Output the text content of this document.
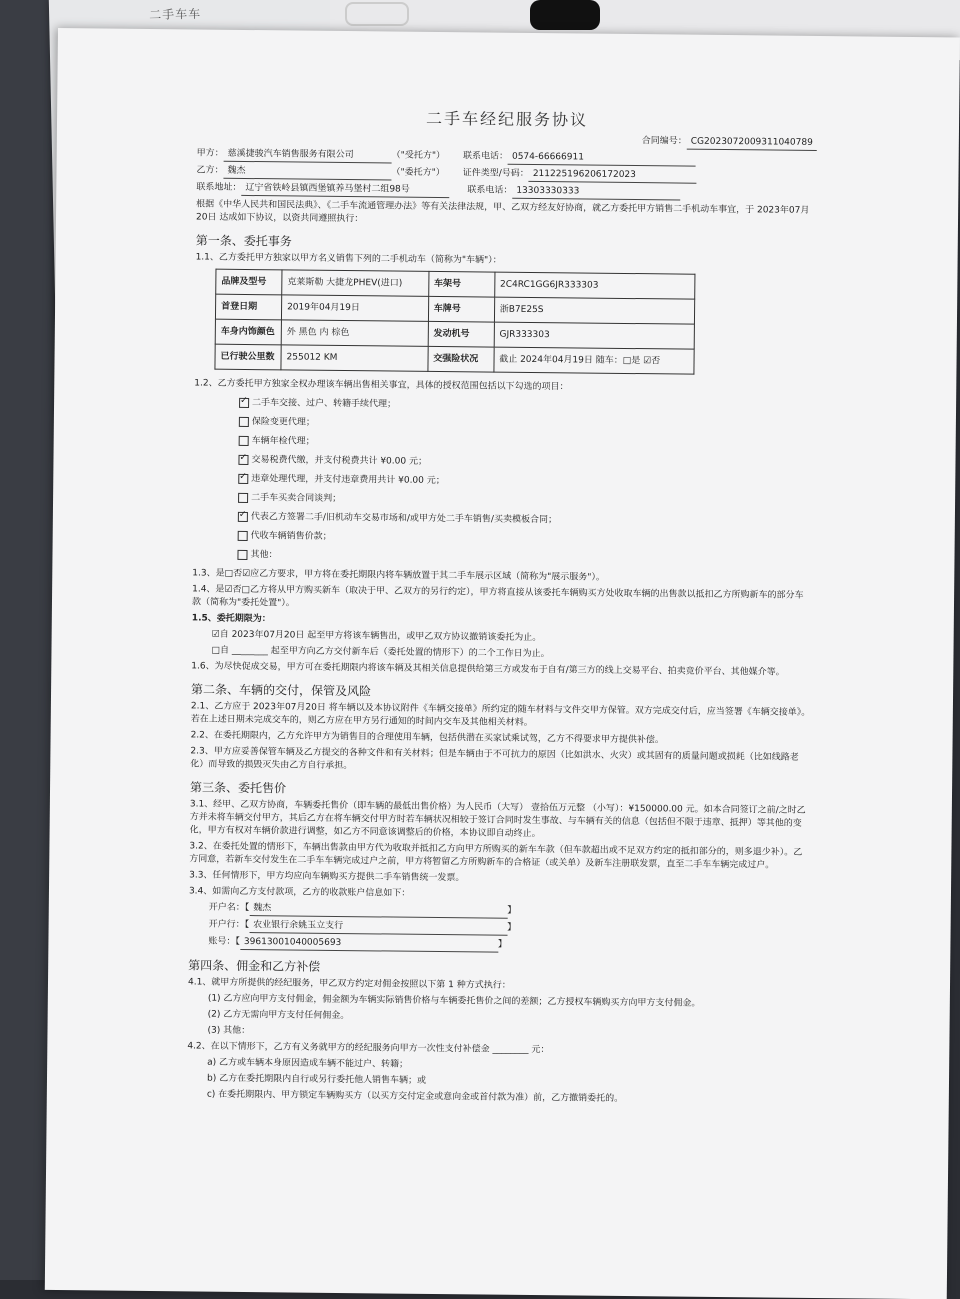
二手车车
二手车经纪服务协议
合同编号： CG2023072009311040789
甲方： 慈溪捷骏汽车销售服务有限公司	（"受托方"） 联系电话： 0574-66666911
乙方： 魏杰	（"委托方"） 证件类型/号码： 211225196206172023
联系地址： 辽宁省铁岭县镇西堡镇养马堡村二组98号	联系电话： 13303330333
根据《中华人民共和国民法典》、《二手车流通管理办法》等有关法律法规，甲、乙双方经友好协商，就乙方委托甲方销售二手机动车事宜，于 2023年07月20日 达成如下协议，以资共同遵照执行：
第一条、委托事务
1.1、乙方委托甲方独家以甲方名义销售下列的二手机动车（简称为"车辆"）：
品牌及型号	克莱斯勒 大捷龙PHEV(进口)	车架号	2C4RC1GG6JR333303
首登日期	2019年04月19日	车牌号	浙B7E25S
车身内饰颜色	外 黑色 内 棕色	发动机号	GJR333303
已行驶公里数	255012 KM	交强险状况	截止 2024年04月19日 随车：□是 ☑否
1.2、乙方委托甲方独家全权办理该车辆出售相关事宜，具体的授权范围包括以下勾选的项目：
✓二手车交接、过户、转籍手续代理；
保险变更代理；
车辆年检代理；
✓交易税费代缴，并支付税费共计 ¥0.00 元；
✓违章处理代理，并支付违章费用共计 ¥0.00 元；
二手车买卖合同谈判；
✓代表乙方签署二手/旧机动车交易市场和/或甲方处二手车销售/买卖模板合同；
代收车辆销售价款；
其他：
1.3、是□否☑应乙方要求，甲方将在委托期限内将车辆放置于其二手车展示区域（简称为"展示服务"）。
1.4、是☑否□乙方将从甲方购买新车（取决于甲、乙双方的另行约定），甲方将直接从该委托车辆购买方处收取车辆的出售款以抵扣乙方所购新车的部分车款（简称为"委托处置"）。
1.5、委托期限为：
☑自 2023年07月20日 起至甲方将该车辆售出，或甲乙双方协议撤销该委托为止。
□自 ________ 起至甲方向乙方交付新车后（委托处置的情形下）的二个工作日为止。
1.6、为尽快促成交易，甲方可在委托期限内将该车辆及其相关信息提供给第三方或发布于自有/第三方的线上交易平台、拍卖竞价平台、其他媒介等。
第二条、车辆的交付，保管及风险
2.1、乙方应于 2023年07月20日 将车辆以及本协议附件《车辆交接单》所约定的随车材料与文件交甲方保管。双方完成交付后，应当签署《车辆交接单》。若在上述日期未完成交车的，则乙方应在甲方另行通知的时间内交车及其他相关材料。
2.2、在委托期限内，乙方允许甲方为销售目的合理使用车辆，包括供潜在买家试乘试驾，乙方不得要求甲方提供补偿。
2.3、甲方应妥善保管车辆及乙方提交的各种文件和有关材料；但是车辆由于不可抗力的原因（比如洪水、火灾）或其固有的质量问题或损耗（比如线路老化）而导致的损毁灭失由乙方自行承担。
第三条、委托售价
3.1、经甲、乙双方协商，车辆委托售价（即车辆的最低出售价格）为人民币（大写） 壹拾伍万元整 （小写）：¥150000.00 元。如本合同签订之前/之时乙方并未将车辆交付甲方，其后乙方在将车辆交付甲方时若车辆状况相较于签订合同时发生事故、与车辆有关的信息（包括但不限于违章、抵押）等其他的变化，甲方有权对车辆价款进行调整，如乙方不同意该调整后的价格，本协议即自动终止。
3.2、在委托处置的情形下，车辆出售款由甲方代为收取并抵扣乙方向甲方所购买的新车车款（但车款超出或不足双方约定的抵扣部分的，则多退少补）。乙方同意，若新车交付发生在二手车车辆完成过户之前，甲方将暂留乙方所购新车的合格证（或关单）及新车注册联发票，直至二手车车辆完成过户。
3.3、任何情形下，甲方均应向车辆购买方提供二手车销售统一发票。
3.4、如需向乙方支付款项，乙方的收款账户信息如下：
开户名：【 魏杰	】
开户行：【 农业银行余姚玉立支行	】
账号：【 39613001040005693	】
第四条、佣金和乙方补偿
4.1、就甲方所提供的经纪服务，甲乙双方约定对佣金按照以下第 1 种方式执行：
(1) 乙方应向甲方支付佣金，佣金额为车辆实际销售价格与车辆委托售价之间的差额；乙方授权车辆购买方向甲方支付佣金。
(2) 乙方无需向甲方支付任何佣金。
(3) 其他：
4.2、在以下情形下，乙方有义务就甲方的经纪服务向甲方一次性支付补偿金 ________ 元：
a) 乙方或车辆本身原因造成车辆不能过户、转籍；
b) 乙方在委托期限内自行或另行委托他人销售车辆；或
c) 在委托期限内、甲方锁定车辆购买方（以买方交付定金或意向金或首付款为准）前，乙方撤销委托的。
